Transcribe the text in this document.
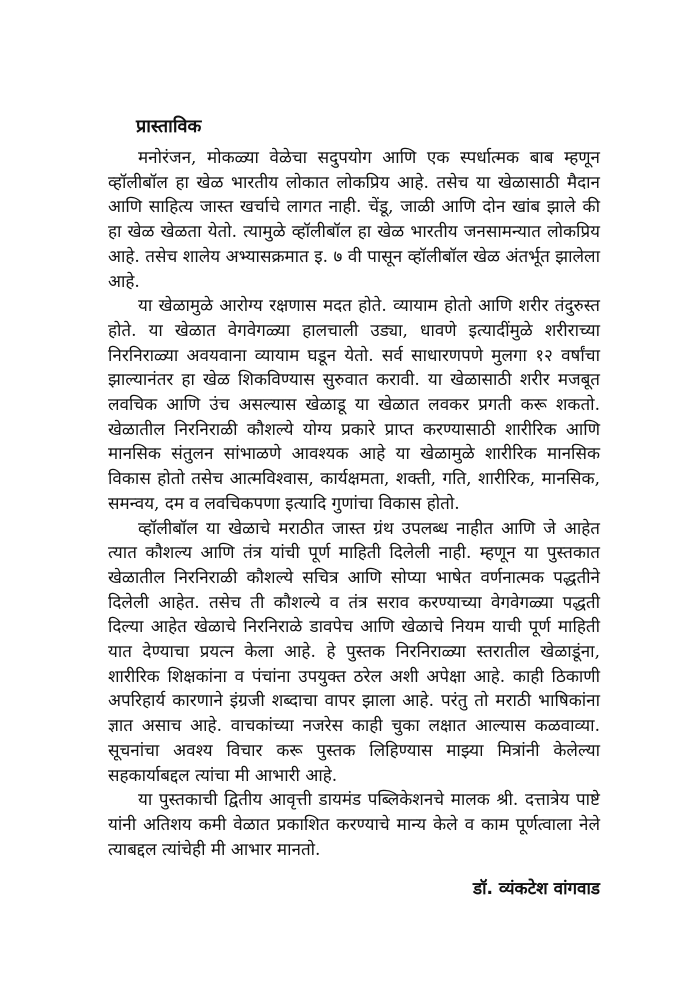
प्रास्ताविक

मनोरंजन, मोकळ्या वेळेचा सदुपयोग आणि एक स्पर्धात्मक बाब म्हणून व्हॉलीबॉल हा खेळ भारतीय लोकात लोकप्रिय आहे. तसेच या खेळासाठी मैदान आणि साहित्य जास्त खर्चाचे लागत नाही. चेंडू, जाळी आणि दोन खांब झाले की हा खेळ खेळता येतो. त्यामुळे व्हॉलीबॉल हा खेळ भारतीय जनसामन्यात लोकप्रिय आहे. तसेच शालेय अभ्यासक्रमात इ. ७ वी पासून व्हॉलीबॉल खेळ अंतर्भूत झालेला आहे.

या खेळामुळे आरोग्य रक्षणास मदत होते. व्यायाम होतो आणि शरीर तंदुरुस्त होते. या खेळात वेगवेगळ्या हालचाली उड्या, धावणे इत्यादींमुळे शरीराच्या निरनिराळ्या अवयवाना व्यायाम घडून येतो. सर्व साधारणपणे मुलगा १२ वर्षांचा झाल्यानंतर हा खेळ शिकविण्यास सुरुवात करावी. या खेळासाठी शरीर मजबूत लवचिक आणि उंच असल्यास खेळाडू या खेळात लवकर प्रगती करू शकतो. खेळातील निरनिराळी कौशल्ये योग्य प्रकारे प्राप्त करण्यासाठी शारीरिक आणि मानसिक संतुलन सांभाळणे आवश्यक आहे या खेळामुळे शारीरिक मानसिक विकास होतो तसेच आत्मविश्वास, कार्यक्षमता, शक्ती, गति, शारीरिक, मानसिक, समन्वय, दम व लवचिकपणा इत्यादि गुणांचा विकास होतो.

व्हॉलीबॉल या खेळाचे मराठीत जास्त ग्रंथ उपलब्ध नाहीत आणि जे आहेत त्यात कौशल्य आणि तंत्र यांची पूर्ण माहिती दिलेली नाही. म्हणून या पुस्तकात खेळातील निरनिराळी कौशल्ये सचित्र आणि सोप्या भाषेत वर्णनात्मक पद्धतीने दिलेली आहेत. तसेच ती कौशल्ये व तंत्र सराव करण्याच्या वेगवेगळ्या पद्धती दिल्या आहेत खेळाचे निरनिराळे डावपेच आणि खेळाचे नियम याची पूर्ण माहिती यात देण्याचा प्रयत्न केला आहे. हे पुस्तक निरनिराळ्या स्तरातील खेळाडूंना, शारीरिक शिक्षकांना व पंचांना उपयुक्त ठरेल अशी अपेक्षा आहे. काही ठिकाणी अपरिहार्य कारणाने इंग्रजी शब्दाचा वापर झाला आहे. परंतु तो मराठी भाषिकांना ज्ञात असाच आहे. वाचकांच्या नजरेस काही चुका लक्षात आल्यास कळवाव्या. सूचनांचा अवश्य विचार करू पुस्तक लिहिण्यास माझ्या मित्रांनी केलेल्या सहकार्याबद्दल त्यांचा मी आभारी आहे.

या पुस्तकाची द्वितीय आवृत्ती डायमंड पब्लिकेशनचे मालक श्री. दत्तात्रेय पाष्टे यांनी अतिशय कमी वेळात प्रकाशित करण्याचे मान्य केले व काम पूर्णत्वाला नेले त्याबद्दल त्यांचेही मी आभार मानतो.

डॉ. व्यंकटेश वांगवाड
